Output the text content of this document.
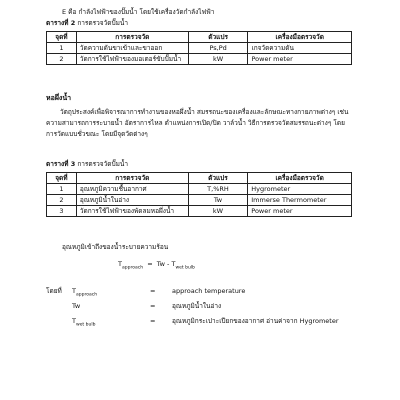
E คือ กำลังไฟฟ้าของปั๊มน้ำ โดยใช้เครื่องวัดกำลังไฟฟ้า
ตารางที่ 2 การตรวจวัดปั๊มน้ำ
จุดที่	การตรวจวัด	ตัวแปร	เครื่องมือตรวจวัด
1	วัดความดันขาเข้าและขาออก	Ps,Pd	เกจวัดความดัน
2	วัดการใช้ไฟฟ้าของมอเตอร์ขับปั๊มน้ำ	kW	Power meter
หอผึ่งน้ำ
วัตถุประสงค์เพื่อพิจารณาการทำงานของหอผึ่งน้ำ สมรรถนะของเครื่องและลักษณะทางกายภาพต่างๆ เช่น ความสามารถการระบายน้ำ อัตราการไหล ตำแหน่งการเปิด/ปิด วาล์วน้ำ วิธีการตรวจวัดสมรรถนะต่างๆ โดยการวัดแบบชั่วขณะ โดยมีจุดวัดต่างๆ
ตารางที่ 3 การตรวจวัดปั๊มน้ำ
จุดที่	การตรวจวัด	ตัวแปร	เครื่องมือตรวจวัด
1	อุณหภูมิความชื้นอากาศ	T,%RH	Hygrometer
2	อุณหภูมิน้ำในอ่าง	Tw	Immerse Thermometer
3	วัดการใช้ไฟฟ้าของพัดลมหอผึ่งน้ำ	kW	Power meter
อุณหภูมิเข้าถึงของน้ำระบายความร้อน
$T_{approach} = Tw - T_{wet bulb}$
โดยที่ $T_{approach}$	=	approach temperature
Tw	=	อุณหภูมิน้ำในอ่าง
$T_{wet bulb}$	=	อุณหภูมิกระเปาะเปียกของอากาศ อ่านค่าจาก Hygrometer
